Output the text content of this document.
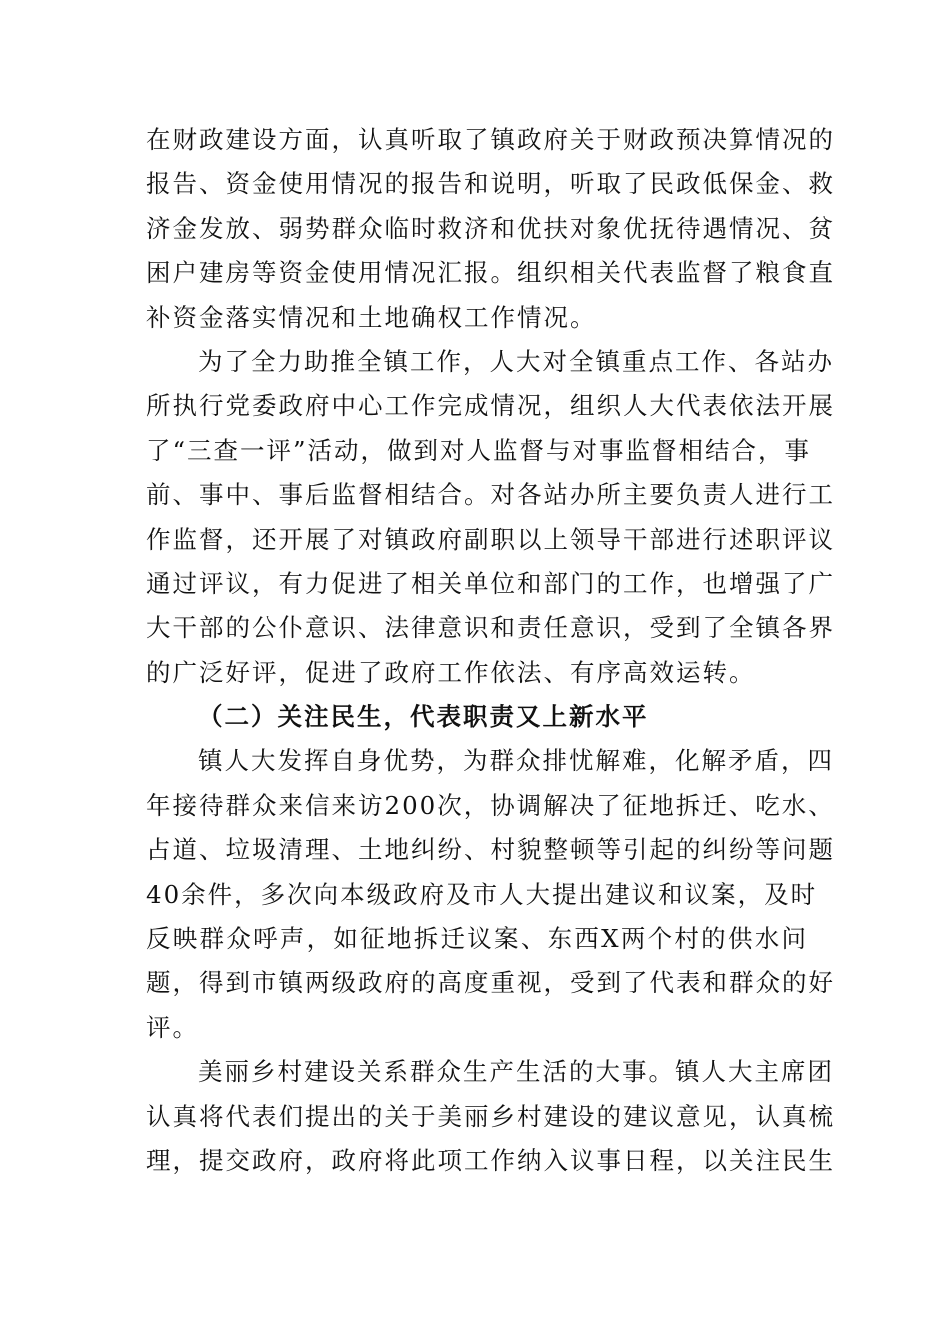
在财政建设方面，认真听取了镇政府关于财政预决算情况的
报告、资金使用情况的报告和说明，听取了民政低保金、救
济金发放、弱势群众临时救济和优扶对象优抚待遇情况、贫
困户建房等资金使用情况汇报。组织相关代表监督了粮食直
补资金落实情况和土地确权工作情况。
为了全力助推全镇工作，人大对全镇重点工作、各站办
所执行党委政府中心工作完成情况，组织人大代表依法开展
了“三查一评”活动，做到对人监督与对事监督相结合，事
前、事中、事后监督相结合。对各站办所主要负责人进行工
作监督，还开展了对镇政府副职以上领导干部进行述职评议
通过评议，有力促进了相关单位和部门的工作，也增强了广
大干部的公仆意识、法律意识和责任意识，受到了全镇各界
的广泛好评，促进了政府工作依法、有序高效运转。
（二）关注民生，代表职责又上新水平
镇人大发挥自身优势，为群众排忧解难，化解矛盾，四
年接待群众来信来访200次，协调解决了征地拆迁、吃水、
占道、垃圾清理、土地纠纷、村貌整顿等引起的纠纷等问题
40余件，多次向本级政府及市人大提出建议和议案，及时
反映群众呼声，如征地拆迁议案、东西X两个村的供水问
题，得到市镇两级政府的高度重视，受到了代表和群众的好
评。
美丽乡村建设关系群众生产生活的大事。镇人大主席团
认真将代表们提出的关于美丽乡村建设的建议意见，认真梳
理，提交政府，政府将此项工作纳入议事日程，以关注民生
